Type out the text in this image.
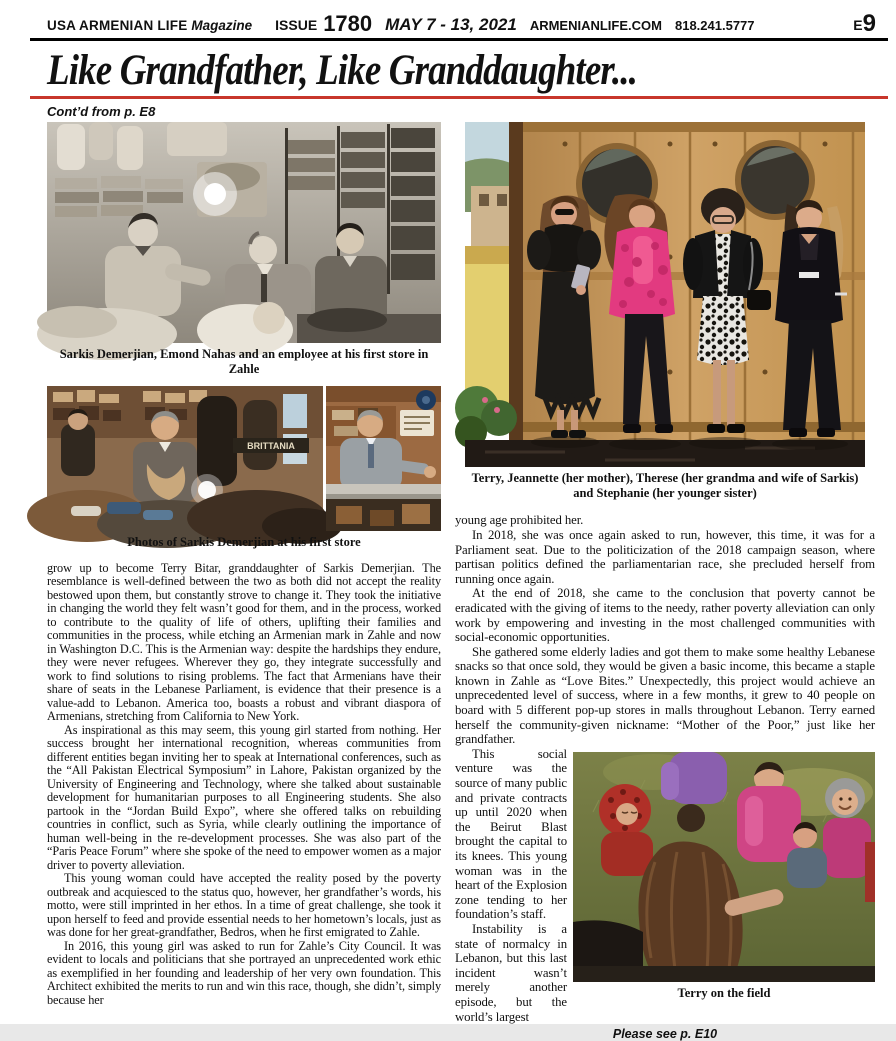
USA ARMENIAN LIFE Magazine ISSUE 1780 MAY 7 - 13, 2021 ARMENIANLIFE.COM 818.241.5777	E9
Like Grandfather, Like Granddaughter...
Cont’d from p. E8
Sarkis Demerjian, Emond Nahas and an employee at his first store in Zahle
BRITTANIA
Photos of Sarkis Demerjian at his first store

grow up to become Terry Bitar, granddaughter of Sarkis Demerjian. The resemblance is well-defined between the two as both did not accept the reality bestowed upon them, but constantly strove to change it. They took the initiative in changing the world they felt wasn’t good for them, and in the process, worked to contribute to the quality of life of others, uplifting their families and communities in the process, while etching an Armenian mark in Zahle and now in Washington D.C. This is the Armenian way: despite the hardships they endure, they were never refugees. Wherever they go, they integrate successfully and work to find solutions to rising problems. The fact that Armenians have their share of seats in the Lebanese Parliament, is evidence that their presence is a value-add to Lebanon. America too, boasts a robust and vibrant diaspora of Armenians, stretching from California to New York.

As inspirational as this may seem, this young girl started from nothing. Her success brought her international recognition, whereas communities from different entities began inviting her to speak at International conferences, such as the “All Pakistan Electrical Symposium” in Lahore, Pakistan organized by the University of Engineering and Technology, where she talked about sustainable development for humanitarian purposes to all Engineering students. She also partook in the “Jordan Build Expo”, where she offered talks on rebuilding countries in conflict, such as Syria, while clearly outlining the importance of human well-being in the re-development processes. She was also part of the “Paris Peace Forum” where she spoke of the need to empower women as a major driver to poverty alleviation.

This young woman could have accepted the reality posed by the poverty outbreak and acquiesced to the status quo, however, her grandfather’s words, his motto, were still imprinted in her ethos. In a time of great challenge, she took it upon herself to feed and provide essential needs to her hometown’s locals, just as was done for her great-grandfather, Bedros, when he first emigrated to Zahle.

In 2016, this young girl was asked to run for Zahle’s City Council. It was evident to locals and politicians that she portrayed an unprecedented work ethic as exemplified in her founding and leadership of her very own foundation. This Architect exhibited the merits to run and win this race, though, she didn’t, simply because her

Terry, Jeannette (her mother), Therese (her grandma and wife of Sarkis)
and Stephanie (her younger sister)

young age prohibited her.

In 2018, she was once again asked to run, however, this time, it was for a Parliament seat. Due to the politicization of the 2018 campaign season, where partisan politics defined the parliamentarian race, she precluded herself from running once again.

At the end of 2018, she came to the conclusion that poverty cannot be eradicated with the giving of items to the needy, rather poverty alleviation can only work by empowering and investing in the most challenged communities with social-economic opportunities.

She gathered some elderly ladies and got them to make some healthy Lebanese snacks so that once sold, they would be given a basic income, this became a staple known in Zahle as “Love Bites.” Unexpectedly, this project would achieve an unprecedented level of success, where in a few months, it grew to 40 people on board with 5 different pop-up stores in malls throughout Lebanon. Terry earned herself the community-given nickname: “Mother of the Poor,” just like her grandfather.

Terry on the field

This social venture was the source of many public and private contracts up until 2020 when the Beirut Blast brought the capital to its knees. This young woman was in the heart of the Explosion zone tending to her foundation’s staff.

Instability is a state of normalcy in Lebanon, but this last incident wasn’t merely another episode, but the world’s largest

Please see p. E10
